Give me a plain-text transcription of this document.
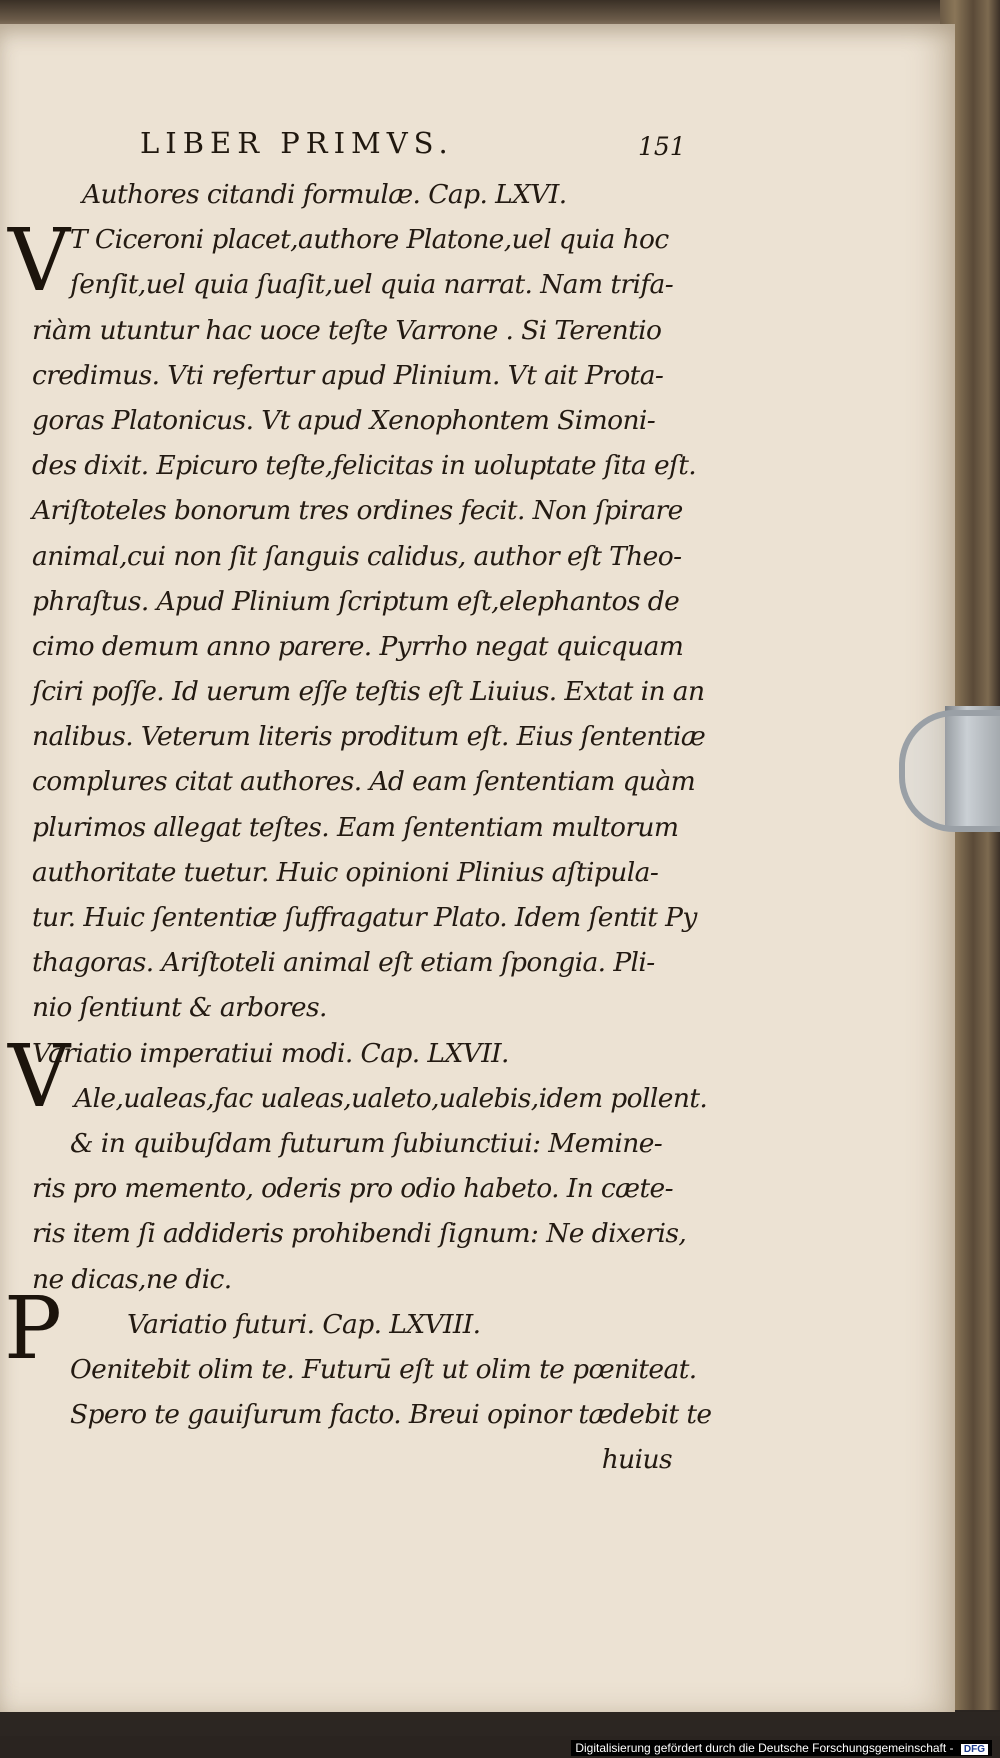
LIBER PRIMVS.	151
V
V
P
Authores citandi formulæ. Cap. LXVI.
T Ciceroni placet,authore Platone,uel quia hoc
ſenſit,uel quia ſuaſit,uel quia narrat. Nam trifa-
riàm utuntur hac uoce teſte Varrone . Si Terentio
credimus. Vti refertur apud Plinium. Vt ait Prota-
goras Platonicus. Vt apud Xenophontem Simoni-
des dixit. Epicuro teſte,felicitas in uoluptate ſita eſt.
Ariſtoteles bonorum tres ordines fecit. Non ſpirare
animal,cui non ſit ſanguis calidus, author eſt Theo-
phraſtus. Apud Plinium ſcriptum eſt,elephantos de
cimo demum anno parere. Pyrrho negat quicquam
ſciri poſſe. Id uerum eſſe teſtis eſt Liuius. Extat in an
nalibus. Veterum literis proditum eſt. Eius ſententiæ
complures citat authores. Ad eam ſententiam quàm
plurimos allegat teſtes. Eam ſententiam multorum
authoritate tuetur. Huic opinioni Plinius aſtipula-
tur. Huic ſententiæ ſuffragatur Plato. Idem ſentit Py
thagoras. Ariſtoteli animal eſt etiam ſpongia. Pli-
nio ſentiunt & arbores.
Variatio imperatiui modi. Cap. LXVII.
Ale,ualeas,fac ualeas,ualeto,ualebis,idem pollent.
& in quibuſdam futurum ſubiunctiui: Memine-
ris pro memento, oderis pro odio habeto. In cæte-
ris item ſi addideris prohibendi ſignum: Ne dixeris,
ne dicas,ne dic.
Variatio futuri. Cap. LXVIII.
Oenitebit olim te. Futurū eſt ut olim te pœniteat.
Spero te gauiſurum facto. Breui opinor tædebit te
huius
Digitalisierung gefördert durch die Deutsche Forschungsgemeinschaft - DFG
